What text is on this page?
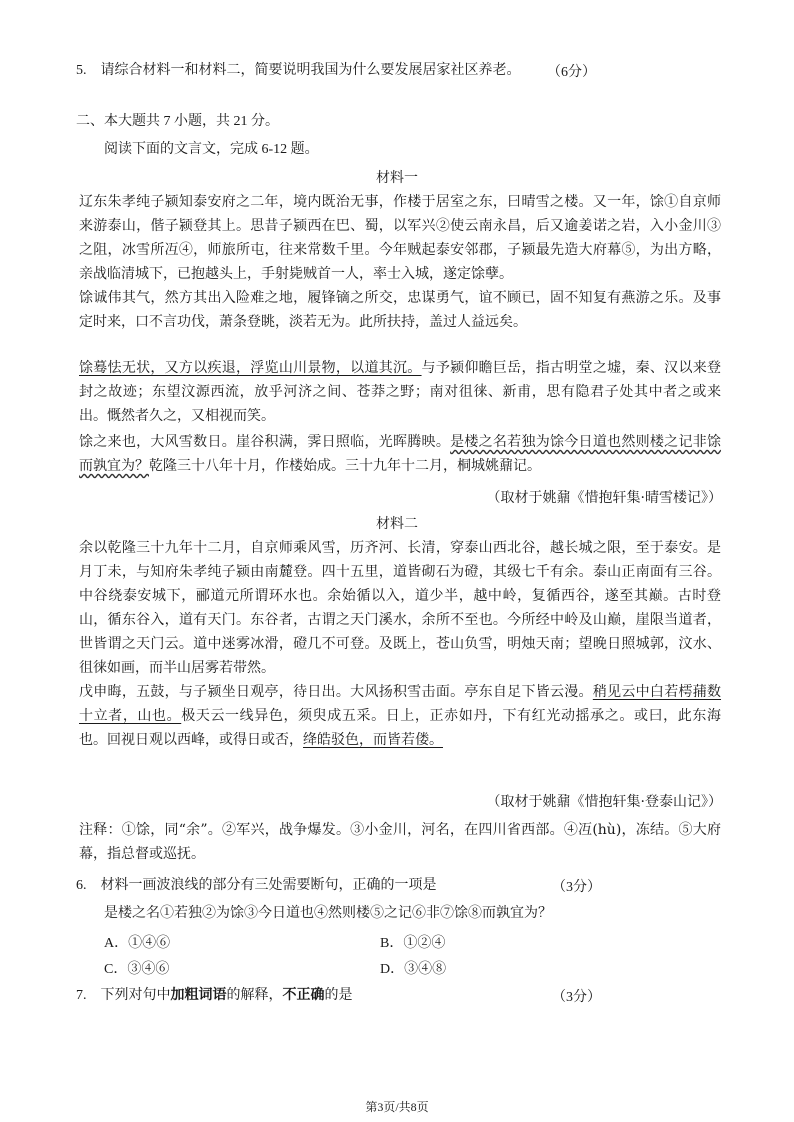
5. 请综合材料一和材料二，简要说明我国为什么要发展居家社区养老。 （6分）
二、本大题共 7 小题，共 21 分。
阅读下面的文言文，完成 6-12 题。
材料一

辽东朱孝纯子颍知泰安府之二年，境内既治无事，作楼于居室之东，曰晴雪之楼。又一年，馀①自京师来游泰山，偕子颍登其上。思昔子颍西在巴、蜀，以军兴②使云南永昌，后又逾姜诺之岩，入小金川③之阻，冰雪所冱④，师旅所屯，往来常数千里。今年贼起泰安邻郡，子颍最先造大府幕⑤，为出方略，亲战临清城下，已抱越头上，手射毙贼首一人，率士入城，遂定馀孽。

馀诚伟其气，然方其出入险难之地，履锋镝之所交，忠谋勇气，谊不顾已，固不知复有燕游之乐。及事定时来，口不言功伐，萧条登眺，淡若无为。此所扶持，盖过人益远矣。

馀蓦怯无状，又方以疾退，浮览山川景物，以道其沉。与予颍仰瞻巨岳，指古明堂之墟，秦、汉以来登封之故迹；东望汶源西流，放乎河济之间、苍莽之野；南对徂徕、新甫，思有隐君子处其中者之或来出。慨然者久之，又相视而笑。

馀之来也，大风雪数日。崖谷积满，霁日照临，光晖腾映。是楼之名若独为馀今日道也然则楼之记非馀而孰宜为？乾隆三十八年十月，作楼始成。三十九年十二月，桐城姚鼐记。

（取材于姚鼐《惜抱轩集·晴雪楼记》）
材料二

余以乾隆三十九年十二月，自京师乘风雪，历齐河、长清，穿泰山西北谷，越长城之限，至于泰安。是月丁未，与知府朱孝纯子颍由南麓登。四十五里，道皆砌石为磴，其级七千有余。泰山正南面有三谷。中谷绕泰安城下，郦道元所谓环水也。余始循以入，道少半，越中岭，复循西谷，遂至其巅。古时登山，循东谷入，道有天门。东谷者，古谓之天门溪水，余所不至也。今所经中岭及山巅，崖限当道者，世皆谓之天门云。道中迷雾冰滑，磴几不可登。及既上，苍山负雪，明烛天南；望晚日照城郭，汶水、徂徕如画，而半山居雾若带然。

戊申晦，五鼓，与子颍坐日观亭，待日出。大风扬积雪击面。亭东自足下皆云漫。稍见云中白若樗蒱数十立者，山也。极天云一线异色，须臾成五采。日上，正赤如丹，下有红光动摇承之。或曰，此东海也。回视日观以西峰，或得日或否，绛皓驳色，而皆若偻。

（取材于姚鼐《惜抱轩集·登泰山记》）

注释：①馀，同“余”。②军兴，战争爆发。③小金川，河名，在四川省西部。④冱(hù)，冻结。⑤大府幕，指总督或巡抚。

6. 材料一画波浪线的部分有三处需要断句，正确的一项是	（3分）
是楼之名①若独②为馀③今日道也④然则楼⑤之记⑥非⑦馀⑧而孰宜为？
A．①④⑥	B．①②④
C．③④⑥	D．③④⑧
7. 下列对句中加粗词语的解释，不正确的是	（3分）
第3页/共8页
